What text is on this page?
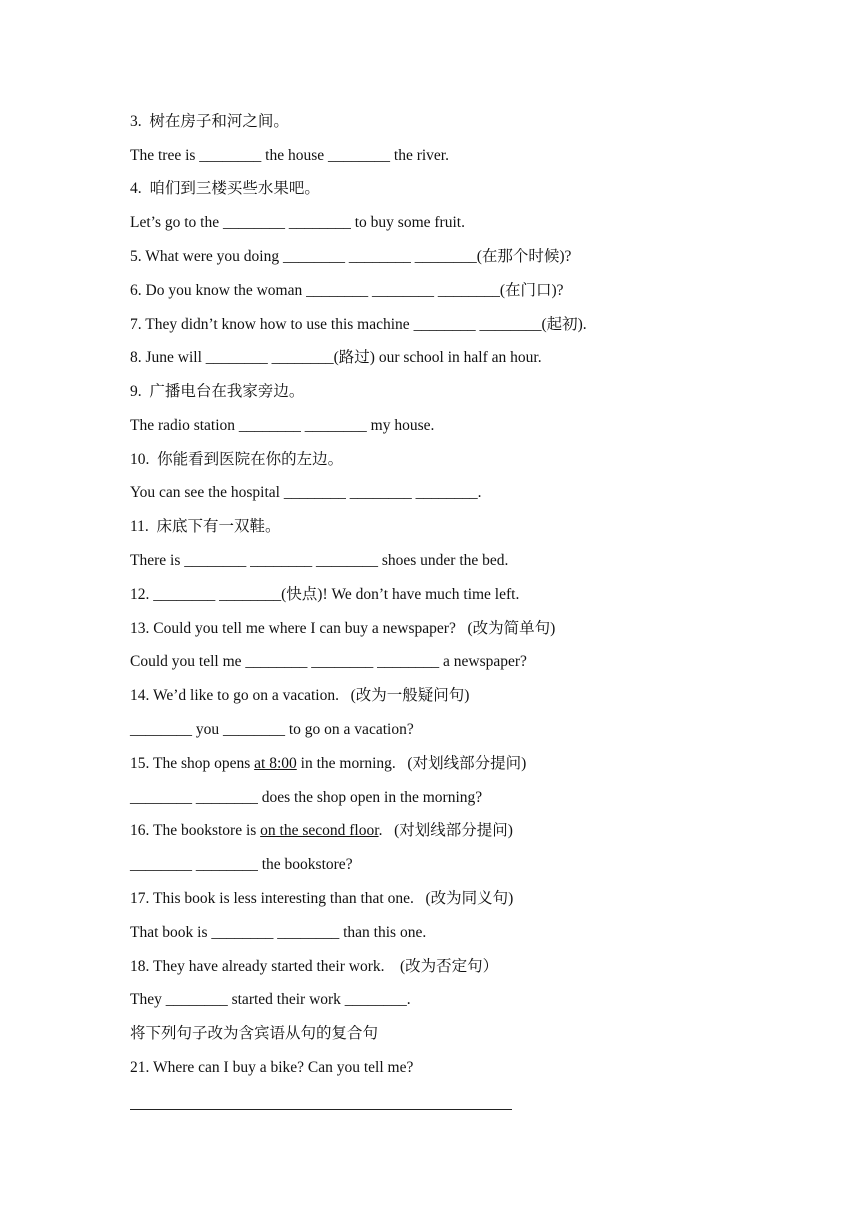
3.  树在房子和河之间。
The tree is ________ the house ________ the river.
4.  咱们到三楼买些水果吧。
Let’s go to the ________ ________ to buy some fruit.
5. What were you doing ________ ________ ________(在那个时候)?
6. Do you know the woman ________ ________ ________(在门口)?
7. They didn’t know how to use this machine ________ ________(起初).
8. June will ________ ________(路过) our school in half an hour.
9.  广播电台在我家旁边。
The radio station ________ ________ my house.
10.  你能看到医院在你的左边。
You can see the hospital ________ ________ ________.
11.  床底下有一双鞋。
There is ________ ________ ________ shoes under the bed.
12. ________ ________(快点)! We don’t have much time left.
13. Could you tell me where I can buy a newspaper?   (改为简单句)
Could you tell me ________ ________ ________ a newspaper?
14. We’d like to go on a vacation.   (改为一般疑问句)
________ you ________ to go on a vacation?
15. The shop opens at 8:00 in the morning.   (对划线部分提问)
________ ________ does the shop open in the morning?
16. The bookstore is on the second floor.   (对划线部分提问)
________ ________ the bookstore?
17. This book is less interesting than that one.   (改为同义句)
That book is ________ ________ than this one.
18. They have already started their work.    (改为否定句）
They ________ started their work ________.
将下列句子改为含宾语从句的复合句
21. Where can I buy a bike? Can you tell me?
